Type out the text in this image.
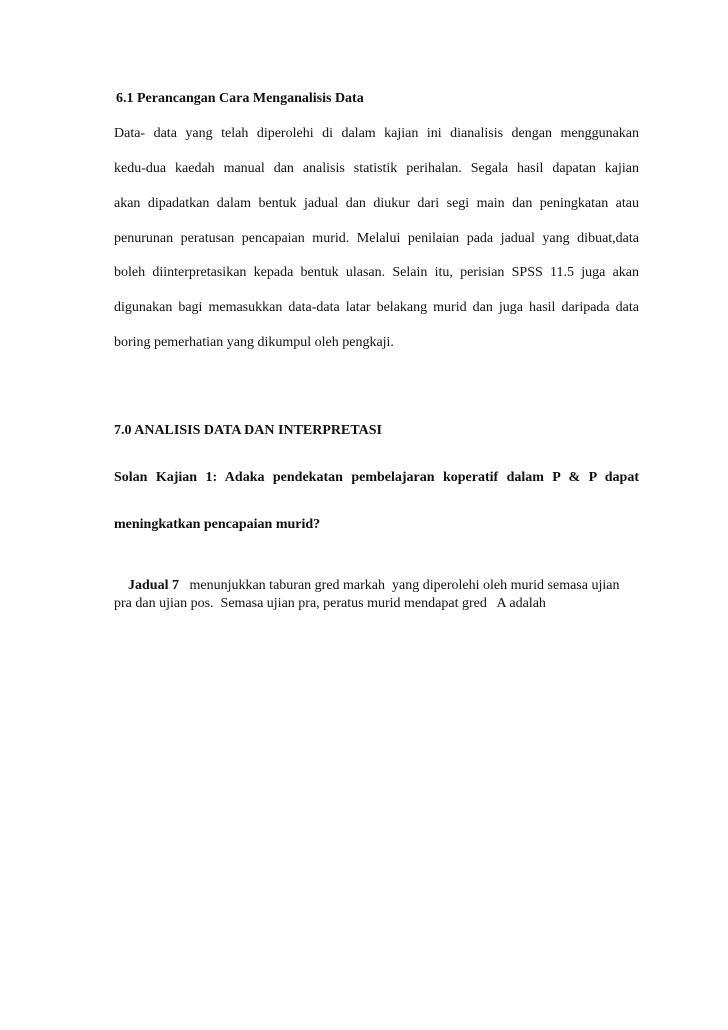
6.1 Perancangan Cara Menganalisis Data
Data- data yang telah diperolehi di dalam kajian ini dianalisis dengan menggunakan
kedu-dua kaedah manual dan analisis statistik perihalan. Segala hasil dapatan kajian
akan dipadatkan dalam bentuk jadual dan diukur dari segi main dan peningkatan atau
penurunan peratusan pencapaian murid. Melalui penilaian pada jadual yang dibuat,data
boleh diinterpretasikan kepada bentuk ulasan. Selain itu, perisian SPSS 11.5 juga akan
digunakan bagi memasukkan data-data latar belakang murid dan juga hasil daripada data
boring pemerhatian yang dikumpul oleh pengkaji.
7.0 ANALISIS DATA DAN INTERPRETASI
Solan Kajian 1: Adaka pendekatan pembelajaran koperatif dalam P & P dapat
meningkatkan pencapaian murid?

Jadual 7   menunjukkan taburan gred markah  yang diperolehi oleh murid semasa ujian

pra dan ujian pos.  Semasa ujian pra, peratus murid mendapat gred   A adalah
